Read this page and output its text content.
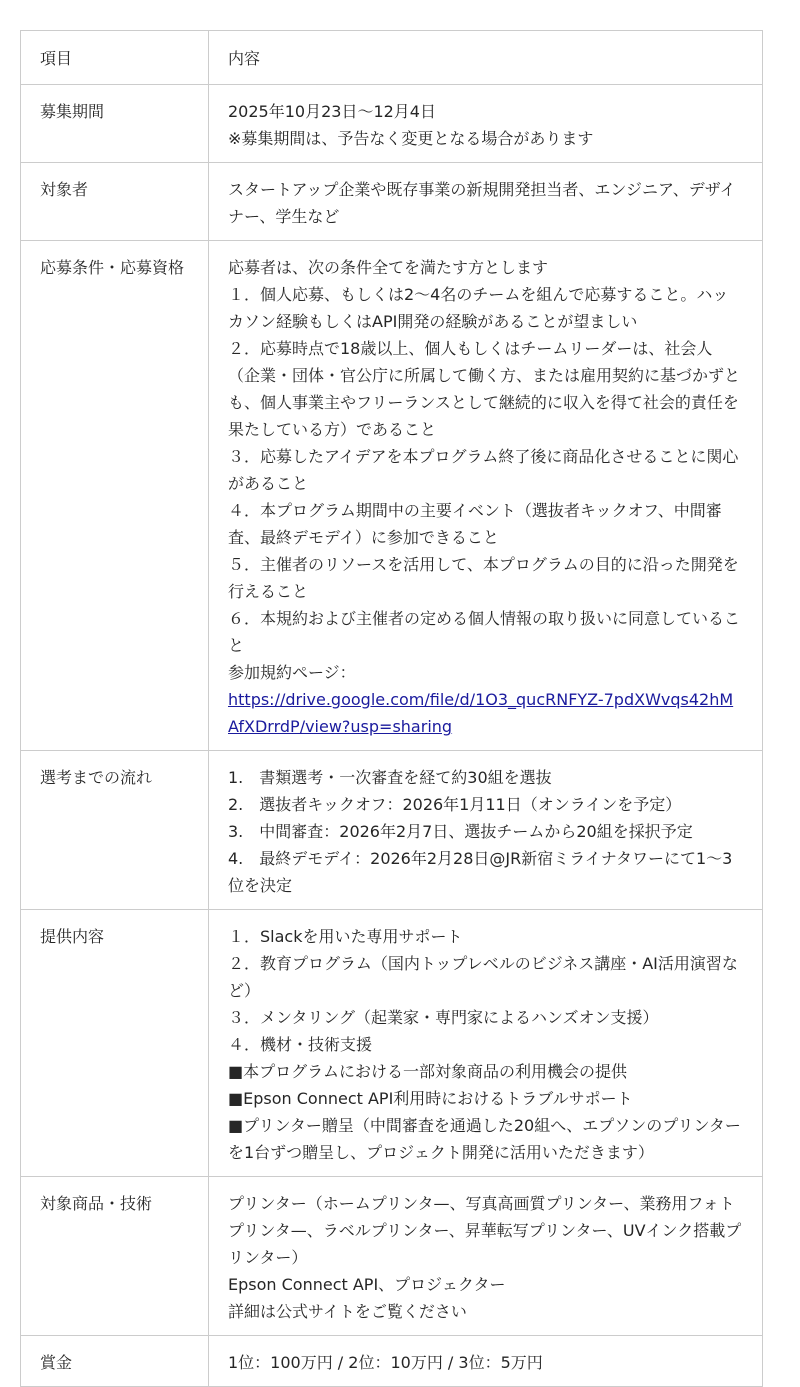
項目	内容
募集期間	2025年10月23日～12月4日
※募集期間は、予告なく変更となる場合があります

対象者	スタートアップ企業や既存事業の新規開発担当者、エンジニア、デザイナー、学生など

応募条件・応募資格	応募者は、次の条件全てを満たす方とします
１．個人応募、もしくは2～4名のチームを組んで応募すること。ハッカソン経験もしくはAPI開発の経験があることが望ましい
２．応募時点で18歳以上、個人もしくはチームリーダーは、社会人（企業・団体・官公庁に所属して働く方、または雇用契約に基づかずとも、個人事業主やフリーランスとして継続的に収入を得て社会的責任を果たしている方）であること
３．応募したアイデアを本プログラム終了後に商品化させることに関心があること
４．本プログラム期間中の主要イベント（選抜者キックオフ、中間審査、最終デモデイ）に参加できること
５．主催者のリソースを活用して、本プログラムの目的に沿った開発を行えること
６．本規約および主催者の定める個人情報の取り扱いに同意していること
参加規約ページ：
https://drive.google.com/file/d/1O3_qucRNFYZ-7pdXWvqs42hMAfXDrrdP/view?usp=sharing
選考までの流れ	1.　書類選考・一次審査を経て約30組を選抜
2.　選抜者キックオフ：2026年1月11日（オンラインを予定）
3.　中間審査：2026年2月7日、選抜チームから20組を採択予定
4.　最終デモデイ：2026年2月28日@JR新宿ミライナタワーにて1～3位を決定

提供内容	１．Slackを用いた専用サポート
２．教育プログラム（国内トップレベルのビジネス講座・AI活用演習など）
３．メンタリング（起業家・専門家によるハンズオン支援）
４．機材・技術支援
■本プログラムにおける一部対象商品の利用機会の提供
■Epson Connect API利用時におけるトラブルサポート
■プリンター贈呈（中間審査を通過した20組へ、エプソンのプリンターを1台ずつ贈呈し、プロジェクト開発に活用いただきます）

対象商品・技術	プリンター（ホームプリンタ—、写真高画質プリンター、業務用フォトプリンタ—、ラベルプリンター、昇華転写プリンター、UVインク搭載プリンター）
Epson Connect API、プロジェクター
詳細は公式サイトをご覧ください

賞金	1位：100万円 / 2位：10万円 / 3位：5万円
